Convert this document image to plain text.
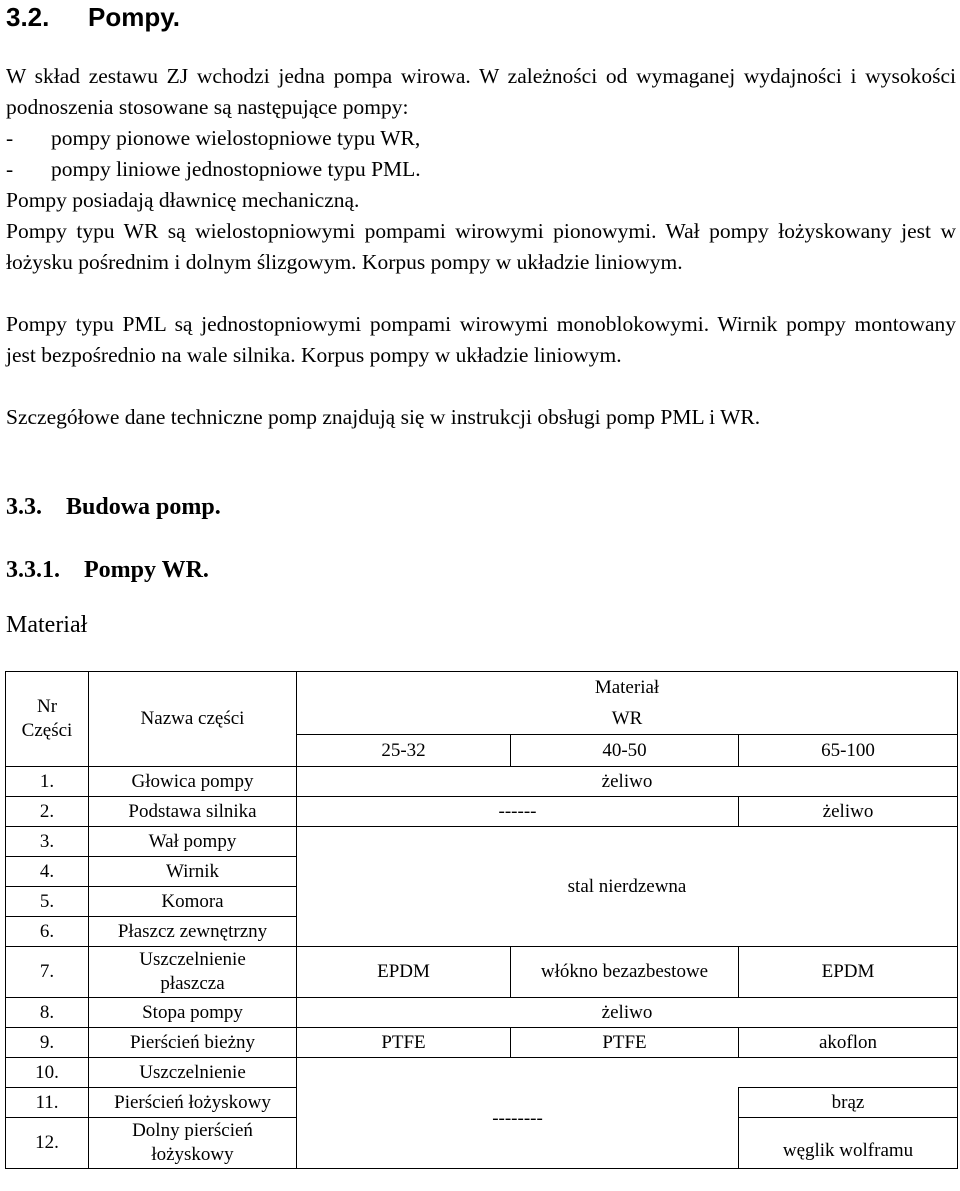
3.2. Pompy.

W skład zestawu ZJ wchodzi jedna pompa wirowa. W zależności od wymaganej wydajności i wysokości podnoszenia stosowane są następujące pompy:

- pompy pionowe wielostopniowe typu WR,
- pompy liniowe jednostopniowe typu PML.

Pompy posiadają dławnicę mechaniczną.

Pompy typu WR są wielostopniowymi pompami wirowymi pionowymi. Wał pompy łożyskowany jest w łożysku pośrednim i dolnym ślizgowym. Korpus pompy w układzie liniowym.

Pompy typu PML są jednostopniowymi pompami wirowymi monoblokowymi. Wirnik pompy montowany jest bezpośrednio na wale silnika. Korpus pompy w układzie liniowym.

Szczegółowe dane techniczne pomp znajdują się w instrukcji obsługi pomp PML i WR.

3.3. Budowa pomp.
3.3.1. Pompy WR.
Materiał
Nr
Części	Nazwa części	Materiał		
		WR		
		25-32	40-50	65-100
1.	Głowica pompy	żeliwo		
2.	Podstawa silnika	------		żeliwo
3.	Wał pompy	stal nierdzewna		
4.	Wirnik			
5.	Komora			
6.	Płaszcz zewnętrzny			
7.	Uszczelnienie
płaszcza	EPDM	włókno bezazbestowe	EPDM
8.	Stopa pompy	żeliwo		
9.	Pierścień bieżny	PTFE	PTFE	akoflon
10.	Uszczelnienie			
11.	Pierścień łożyskowy	--------		brąz
12.	Dolny pierścień
łożyskowy			węglik wolframu
